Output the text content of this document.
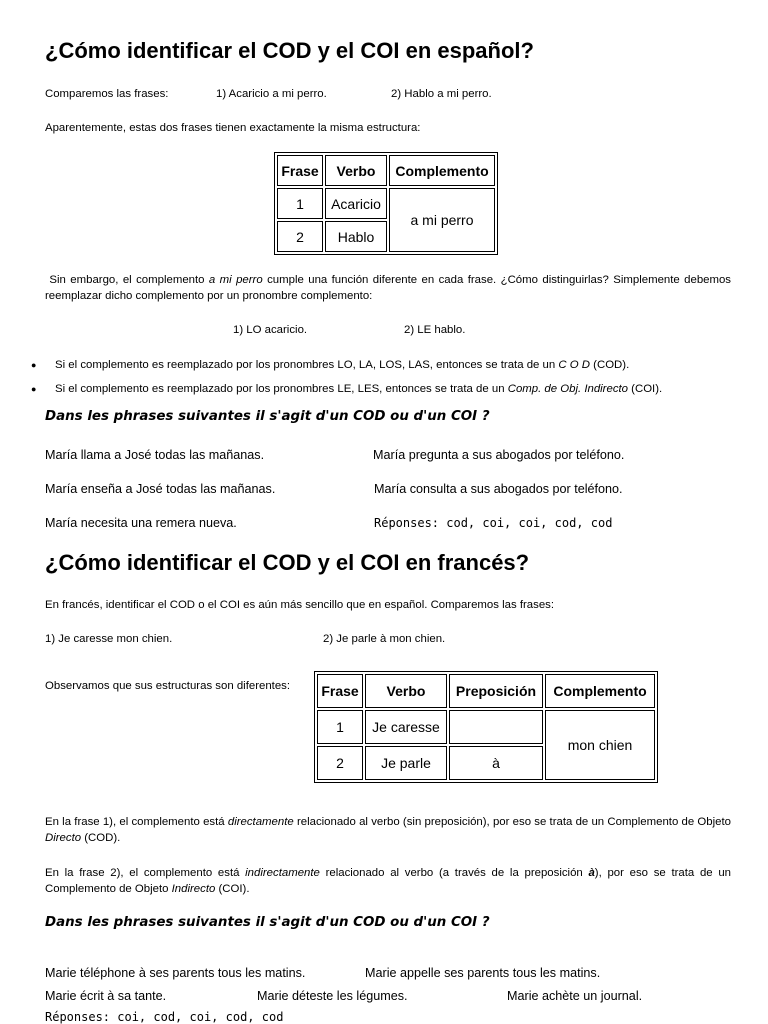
¿Cómo identificar el COD y el COI en español?
Comparemos las frases:	1) Acaricio a mi perro.	2) Hablo a mi perro.
Aparentemente, estas dos frases tienen exactamente la misma estructura:
Frase	Verbo	Complemento
1	Acaricio	a mi perro
2	Hablo	
Sin embargo, el complemento a mi perro cumple una función diferente en cada frase. ¿Cómo distinguirlas? Simplemente debemos reemplazar dicho complemento por un pronombre complemento:
1) LO acaricio.	2) LE hablo.
● Si el complemento es reemplazado por los pronombres LO, LA, LOS, LAS, entonces se trata de un C O D (COD).
● Si el complemento es reemplazado por los pronombres LE, LES, entonces se trata de un Comp. de Obj. Indirecto (COI).
Dans les phrases suivantes il s'agit d'un COD ou d'un COI ?
María llama a José todas las mañanas.	María pregunta a sus abogados por teléfono.
María enseña a José todas las mañanas.	María consulta a sus abogados por teléfono.
María necesita una remera nueva.	Réponses: cod, coi, coi, cod, cod
¿Cómo identificar el COD y el COI en francés?
En francés, identificar el COD o el COI es aún más sencillo que en español. Comparemos las frases:
1) Je caresse mon chien.	2) Je parle à mon chien.
Observamos que sus estructuras son diferentes: Frase	Verbo	Preposición	Complemento
1	Je caresse		mon chien
2	Je parle	à	
En la frase 1), el complemento está directamente relacionado al verbo (sin preposición), por eso se trata de un Complemento de Objeto Directo (COD).
En la frase 2), el complemento está indirectamente relacionado al verbo (a través de la preposición à), por eso se trata de un Complemento de Objeto Indirecto (COI).
Dans les phrases suivantes il s'agit d'un COD ou d'un COI ?
Marie téléphone à ses parents tous les matins.	Marie appelle ses parents tous les matins.
Marie écrit à sa tante.	Marie déteste les légumes.	Marie achète un journal.
Réponses: coi, cod, coi, cod, cod
